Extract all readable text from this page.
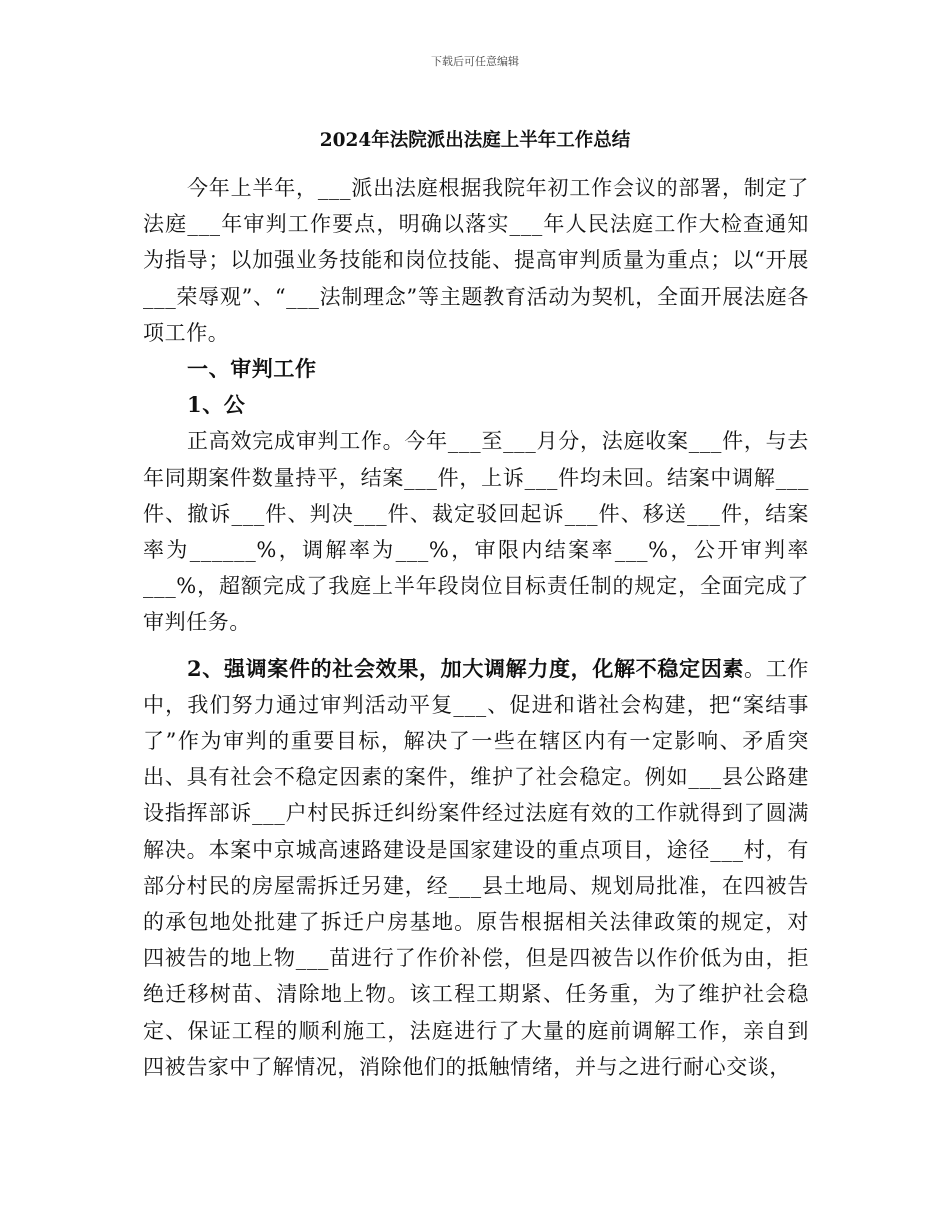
下载后可任意编辑
2024年法院派出法庭上半年工作总结

今年上半年，___派出法庭根据我院年初工作会议的部署，制定了法庭___年审判工作要点，明确以落实___年人民法庭工作大检查通知为指导；以加强业务技能和岗位技能、提高审判质量为重点；以“开展___荣辱观”、“___法制理念”等主题教育活动为契机，全面开展法庭各项工作。

一、审判工作

1、公

正高效完成审判工作。今年___至___月分，法庭收案___件，与去年同期案件数量持平，结案___件，上诉___件均未回。结案中调解___件、撤诉___件、判决___件、裁定驳回起诉___件、移送___件，结案率为______%，调解率为___%，审限内结案率___%，公开审判率___%，超额完成了我庭上半年段岗位目标责任制的规定，全面完成了审判任务。

2、强调案件的社会效果，加大调解力度，化解不稳定因素。工作中，我们努力通过审判活动平复___、促进和谐社会构建，把“案结事了”作为审判的重要目标，解决了一些在辖区内有一定影响、矛盾突出、具有社会不稳定因素的案件，维护了社会稳定。例如___县公路建设指挥部诉___户村民拆迁纠纷案件经过法庭有效的工作就得到了圆满解决。本案中京城高速路建设是国家建设的重点项目，途径___村，有部分村民的房屋需拆迁另建，经___县土地局、规划局批准，在四被告的承包地处批建了拆迁户房基地。原告根据相关法律政策的规定，对四被告的地上物___苗进行了作价补偿，但是四被告以作价低为由，拒绝迁移树苗、清除地上物。该工程工期紧、任务重，为了维护社会稳定、保证工程的顺利施工，法庭进行了大量的庭前调解工作，亲自到四被告家中了解情况，消除他们的抵触情绪，并与之进行耐心交谈，
